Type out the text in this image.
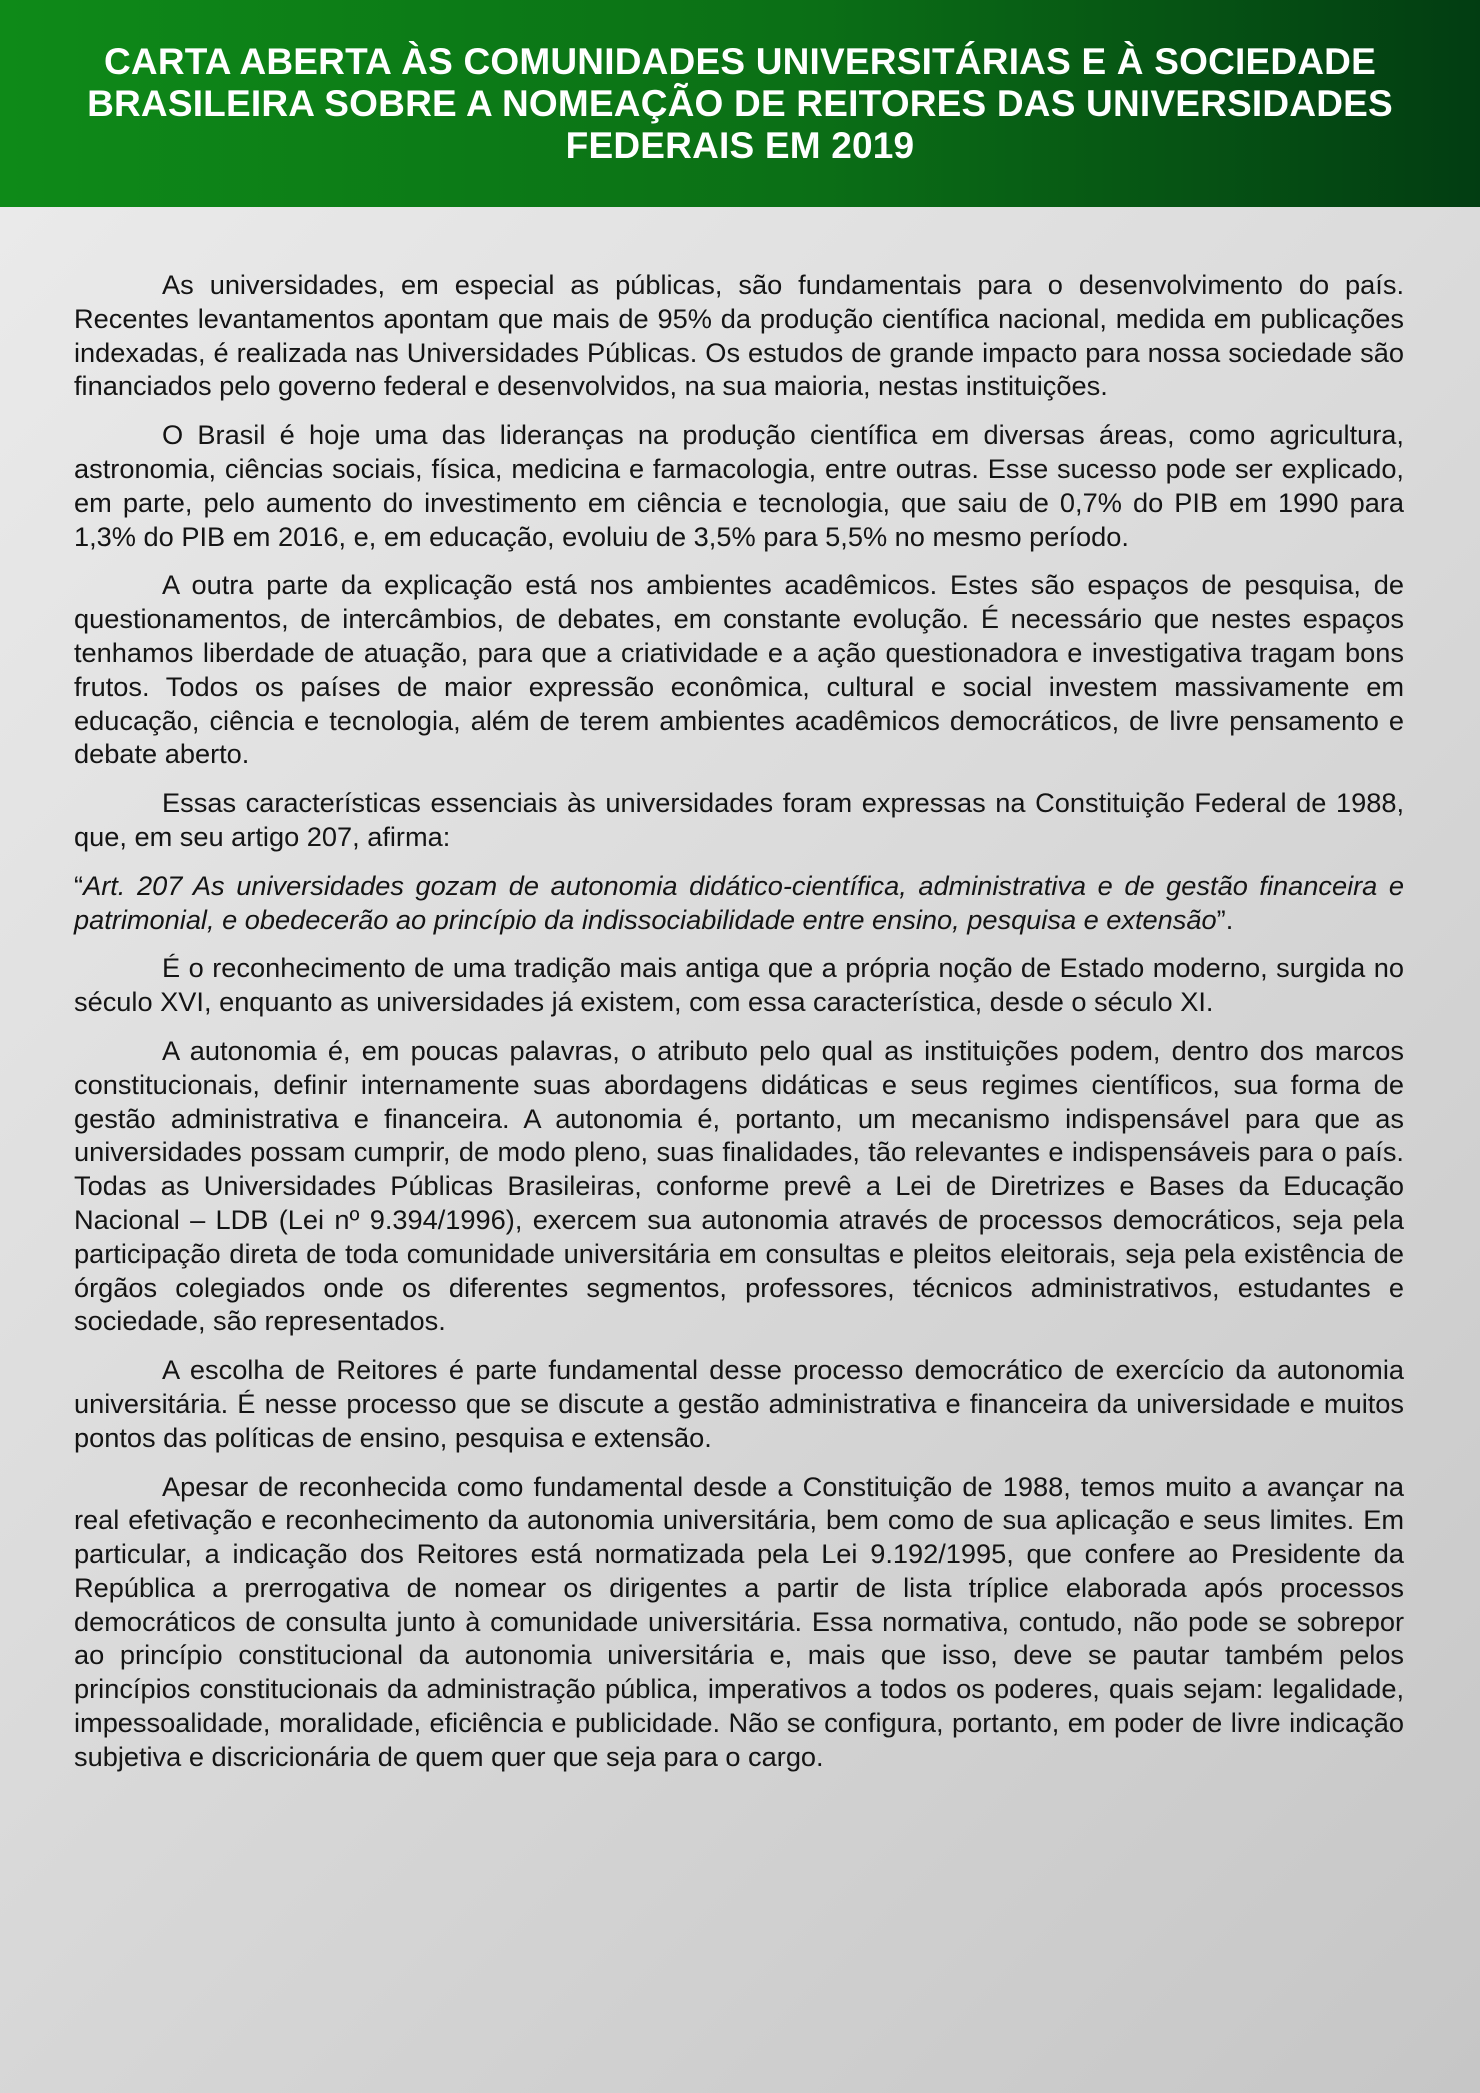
CARTA ABERTA ÀS COMUNIDADES UNIVERSITÁRIAS E À SOCIEDADE BRASILEIRA SOBRE A NOMEAÇÃO DE REITORES DAS UNIVERSIDADES FEDERAIS EM 2019

As universidades, em especial as públicas, são fundamentais para o desenvolvimento do país. Recentes levantamentos apontam que mais de 95% da produção científica nacional, medida em publicações indexadas, é realizada nas Universidades Públicas. Os estudos de grande impacto para nossa sociedade são financiados pelo governo federal e desenvolvidos, na sua maioria, nestas instituições.

O Brasil é hoje uma das lideranças na produção científica em diversas áreas, como agricultura, astronomia, ciências sociais, física, medicina e farmacologia, entre outras. Esse sucesso pode ser explicado, em parte, pelo aumento do investimento em ciência e tecnologia, que saiu de 0,7% do PIB em 1990 para 1,3% do PIB em 2016, e, em educação, evoluiu de 3,5% para 5,5% no mesmo período.

A outra parte da explicação está nos ambientes acadêmicos. Estes são espaços de pesquisa, de questionamentos, de intercâmbios, de debates, em constante evolução. É necessário que nestes espaços tenhamos liberdade de atuação, para que a criatividade e a ação questionadora e investigativa tragam bons frutos. Todos os países de maior expressão econômica, cultural e social investem massivamente em educação, ciência e tecnologia, além de terem ambientes acadêmicos democráticos, de livre pensamento e debate aberto.

Essas características essenciais às universidades foram expressas na Constituição Federal de 1988, que, em seu artigo 207, afirma:

“Art. 207 As universidades gozam de autonomia didático-científica, administrativa e de gestão financeira e patrimonial, e obedecerão ao princípio da indissociabilidade entre ensino, pesquisa e extensão”.

É o reconhecimento de uma tradição mais antiga que a própria noção de Estado moderno, surgida no século XVI, enquanto as universidades já existem, com essa característica, desde o século XI.

A autonomia é, em poucas palavras, o atributo pelo qual as instituições podem, dentro dos marcos constitucionais, definir internamente suas abordagens didáticas e seus regimes científicos, sua forma de gestão administrativa e financeira. A autonomia é, portanto, um mecanismo indispensável para que as universidades possam cumprir, de modo pleno, suas finalidades, tão relevantes e indispensáveis para o país. Todas as Universidades Públicas Brasileiras, conforme prevê a Lei de Diretrizes e Bases da Educação Nacional – LDB (Lei nº 9.394/1996), exercem sua autonomia através de processos democráticos, seja pela participação direta de toda comunidade universitária em consultas e pleitos eleitorais, seja pela existência de órgãos colegiados onde os diferentes segmentos, professores, técnicos administrativos, estudantes e sociedade, são representados.

A escolha de Reitores é parte fundamental desse processo democrático de exercício da autonomia universitária. É nesse processo que se discute a gestão administrativa e financeira da universidade e muitos pontos das políticas de ensino, pesquisa e extensão.

Apesar de reconhecida como fundamental desde a Constituição de 1988, temos muito a avançar na real efetivação e reconhecimento da autonomia universitária, bem como de sua aplicação e seus limites. Em particular, a indicação dos Reitores está normatizada pela Lei 9.192/1995, que confere ao Presidente da República a prerrogativa de nomear os dirigentes a partir de lista tríplice elaborada após processos democráticos de consulta junto à comunidade universitária. Essa normativa, contudo, não pode se sobrepor ao princípio constitucional da autonomia universitária e, mais que isso, deve se pautar também pelos princípios constitucionais da administração pública, imperativos a todos os poderes, quais sejam: legalidade, impessoalidade, moralidade, eficiência e publicidade. Não se configura, portanto, em poder de livre indicação subjetiva e discricionária de quem quer que seja para o cargo.
